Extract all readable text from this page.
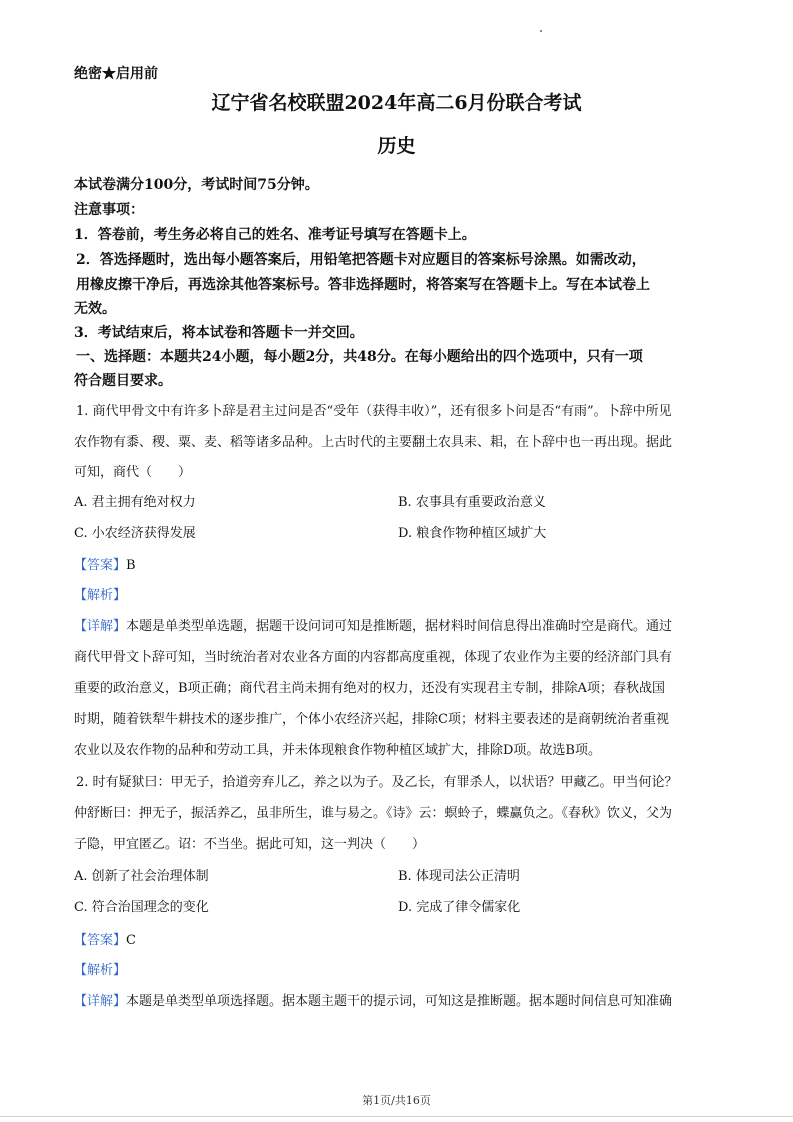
绝密★启用前
辽宁省名校联盟2024年高二6月份联合考试
历史
本试卷满分100分，考试时间75分钟。
注意事项：
1．答卷前，考生务必将自己的姓名、准考证号填写在答题卡上。
2．答选择题时，选出每小题答案后，用铅笔把答题卡对应题目的答案标号涂黑。如需改动，
用橡皮擦干净后，再选涂其他答案标号。答非选择题时，将答案写在答题卡上。写在本试卷上
无效。
3．考试结束后，将本试卷和答题卡一并交回。
一、选择题：本题共24小题，每小题2分，共48分。在每小题给出的四个选项中，只有一项
符合题目要求。
1. 商代甲骨文中有许多卜辞是君主过问是否“受年（获得丰收）”，还有很多卜问是否“有雨”。卜辞中所见
农作物有黍、稷、粟、麦、稻等诸多品种。上古时代的主要翻土农具耒、耜，在卜辞中也一再出现。据此
可知，商代（　　）
A. 君主拥有绝对权力	B. 农事具有重要政治意义
C. 小农经济获得发展	D. 粮食作物种植区域扩大
【答案】B
【解析】
【详解】本题是单类型单选题，据题干设问词可知是推断题，据材料时间信息得出准确时空是商代。通过
商代甲骨文卜辞可知，当时统治者对农业各方面的内容都高度重视，体现了农业作为主要的经济部门具有
重要的政治意义，B项正确；商代君主尚未拥有绝对的权力，还没有实现君主专制，排除A项；春秋战国
时期，随着铁犁牛耕技术的逐步推广，个体小农经济兴起，排除C项；材料主要表述的是商朝统治者重视
农业以及农作物的品种和劳动工具，并未体现粮食作物种植区域扩大，排除D项。故选B项。
2. 时有疑狱曰：甲无子，拾道旁弃儿乙，养之以为子。及乙长，有罪杀人，以状语？甲藏乙。甲当何论？
仲舒断曰：押无子，振活养乙，虽非所生，谁与易之。《诗》云：螟蛉子，蝶赢负之。《春秋》饮义，父为
子隐，甲宜匿乙。诏：不当坐。据此可知，这一判决（　　）
A. 创新了社会治理体制	B. 体现司法公正清明
C. 符合治国理念的变化	D. 完成了律令儒家化
【答案】C
【解析】
【详解】本题是单类型单项选择题。据本题主题干的提示词，可知这是推断题。据本题时间信息可知准确
第1页/共16页
